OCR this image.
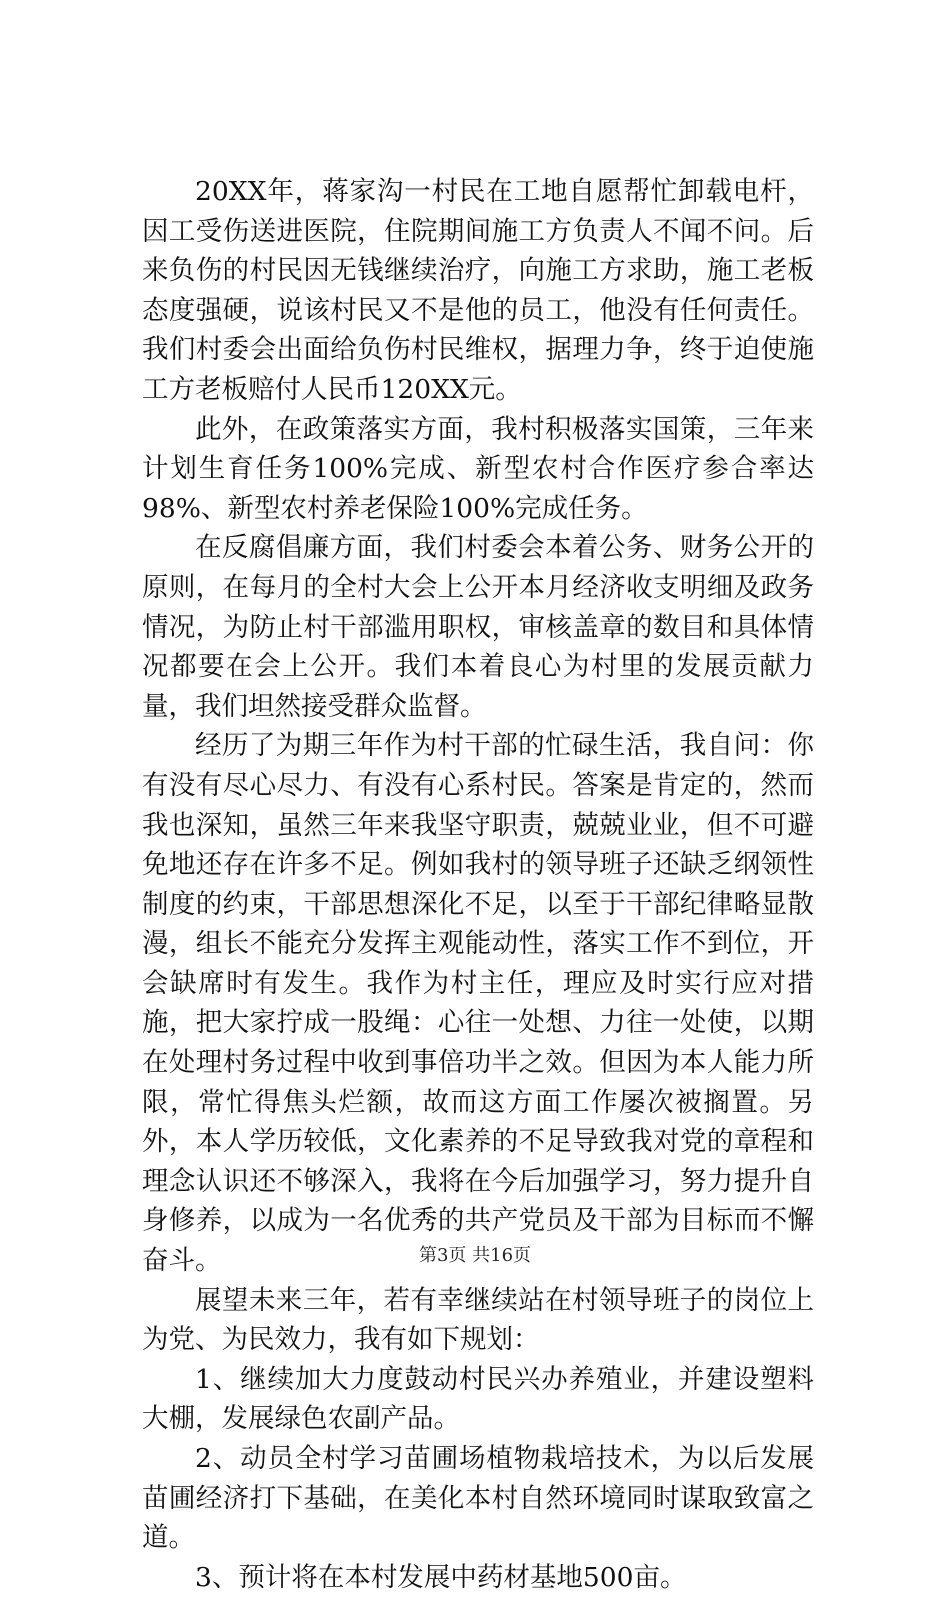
20XX年，蒋家沟一村民在工地自愿帮忙卸载电杆，因工受伤送进医院，住院期间施工方负责人不闻不问。后来负伤的村民因无钱继续治疗，向施工方求助，施工老板态度强硬，说该村民又不是他的员工，他没有任何责任。我们村委会出面给负伤村民维权，据理力争，终于迫使施工方老板赔付人民币120XX元。

此外，在政策落实方面，我村积极落实国策，三年来计划生育任务100%完成、新型农村合作医疗参合率达98%、新型农村养老保险100%完成任务。

在反腐倡廉方面，我们村委会本着公务、财务公开的原则，在每月的全村大会上公开本月经济收支明细及政务情况，为防止村干部滥用职权，审核盖章的数目和具体情况都要在会上公开。我们本着良心为村里的发展贡献力量，我们坦然接受群众监督。

经历了为期三年作为村干部的忙碌生活，我自问：你有没有尽心尽力、有没有心系村民。答案是肯定的，然而我也深知，虽然三年来我坚守职责，兢兢业业，但不可避免地还存在许多不足。例如我村的领导班子还缺乏纲领性制度的约束，干部思想深化不足，以至于干部纪律略显散漫，组长不能充分发挥主观能动性，落实工作不到位，开会缺席时有发生。我作为村主任，理应及时实行应对措施，把大家拧成一股绳：心往一处想、力往一处使，以期在处理村务过程中收到事倍功半之效。但因为本人能力所限，常忙得焦头烂额，故而这方面工作屡次被搁置。另外，本人学历较低，文化素养的不足导致我对党的章程和理念认识还不够深入，我将在今后加强学习，努力提升自身修养，以成为一名优秀的共产党员及干部为目标而不懈奋斗。

展望未来三年，若有幸继续站在村领导班子的岗位上为党、为民效力，我有如下规划：

1、继续加大力度鼓动村民兴办养殖业，并建设塑料大棚，发展绿色农副产品。

2、动员全村学习苗圃场植物栽培技术，为以后发展苗圃经济打下基础，在美化本村自然环境同时谋取致富之道。

3、预计将在本村发展中药材基地500亩。

第3页 共16页
